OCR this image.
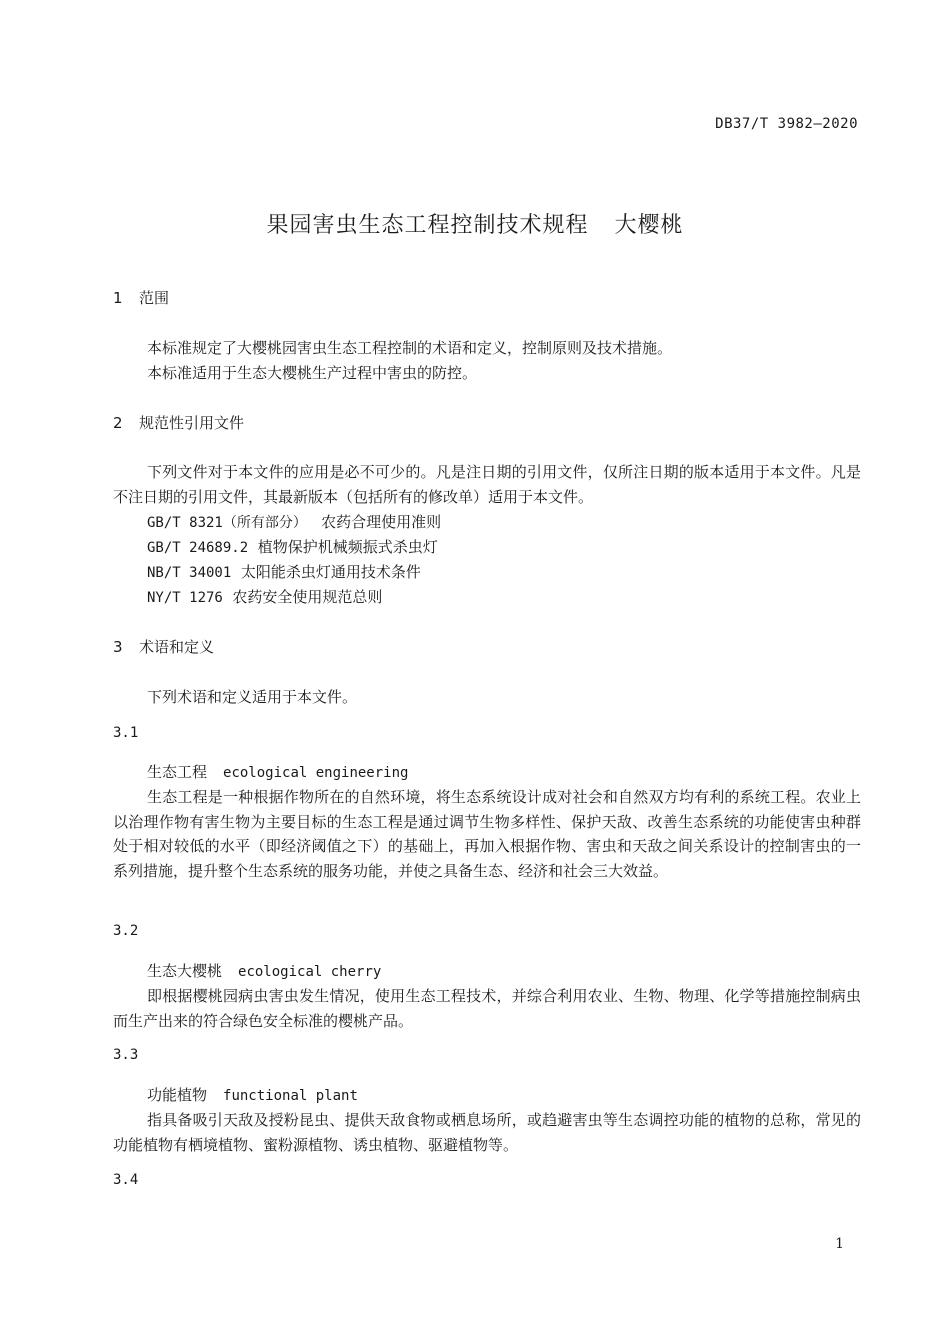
DB37/T 3982—2020
果园害虫生态工程控制技术规程 大樱桃
1 范围

本标准规定了大樱桃园害虫生态工程控制的术语和定义，控制原则及技术措施。

本标准适用于生态大樱桃生产过程中害虫的防控。

2 规范性引用文件

下列文件对于本文件的应用是必不可少的。凡是注日期的引用文件，仅所注日期的版本适用于本文件。凡是不注日期的引用文件，其最新版本（包括所有的修改单）适用于本文件。

GB/T 8321（所有部分） 农药合理使用准则
GB/T 24689.2 植物保护机械频振式杀虫灯
NB/T 34001 太阳能杀虫灯通用技术条件
NY/T 1276 农药安全使用规范总则
3 术语和定义

下列术语和定义适用于本文件。

3.1
生态工程 ecological engineering

生态工程是一种根据作物所在的自然环境，将生态系统设计成对社会和自然双方均有利的系统工程。农业上以治理作物有害生物为主要目标的生态工程是通过调节生物多样性、保护天敌、改善生态系统的功能使害虫种群处于相对较低的水平（即经济阈值之下）的基础上，再加入根据作物、害虫和天敌之间关系设计的控制害虫的一系列措施，提升整个生态系统的服务功能，并使之具备生态、经济和社会三大效益。

3.2
生态大樱桃 ecological cherry

即根据樱桃园病虫害虫发生情况，使用生态工程技术，并综合利用农业、生物、物理、化学等措施控制病虫而生产出来的符合绿色安全标准的樱桃产品。

3.3
功能植物 functional plant

指具备吸引天敌及授粉昆虫、提供天敌食物或栖息场所，或趋避害虫等生态调控功能的植物的总称，常见的功能植物有栖境植物、蜜粉源植物、诱虫植物、驱避植物等。

3.4
1
